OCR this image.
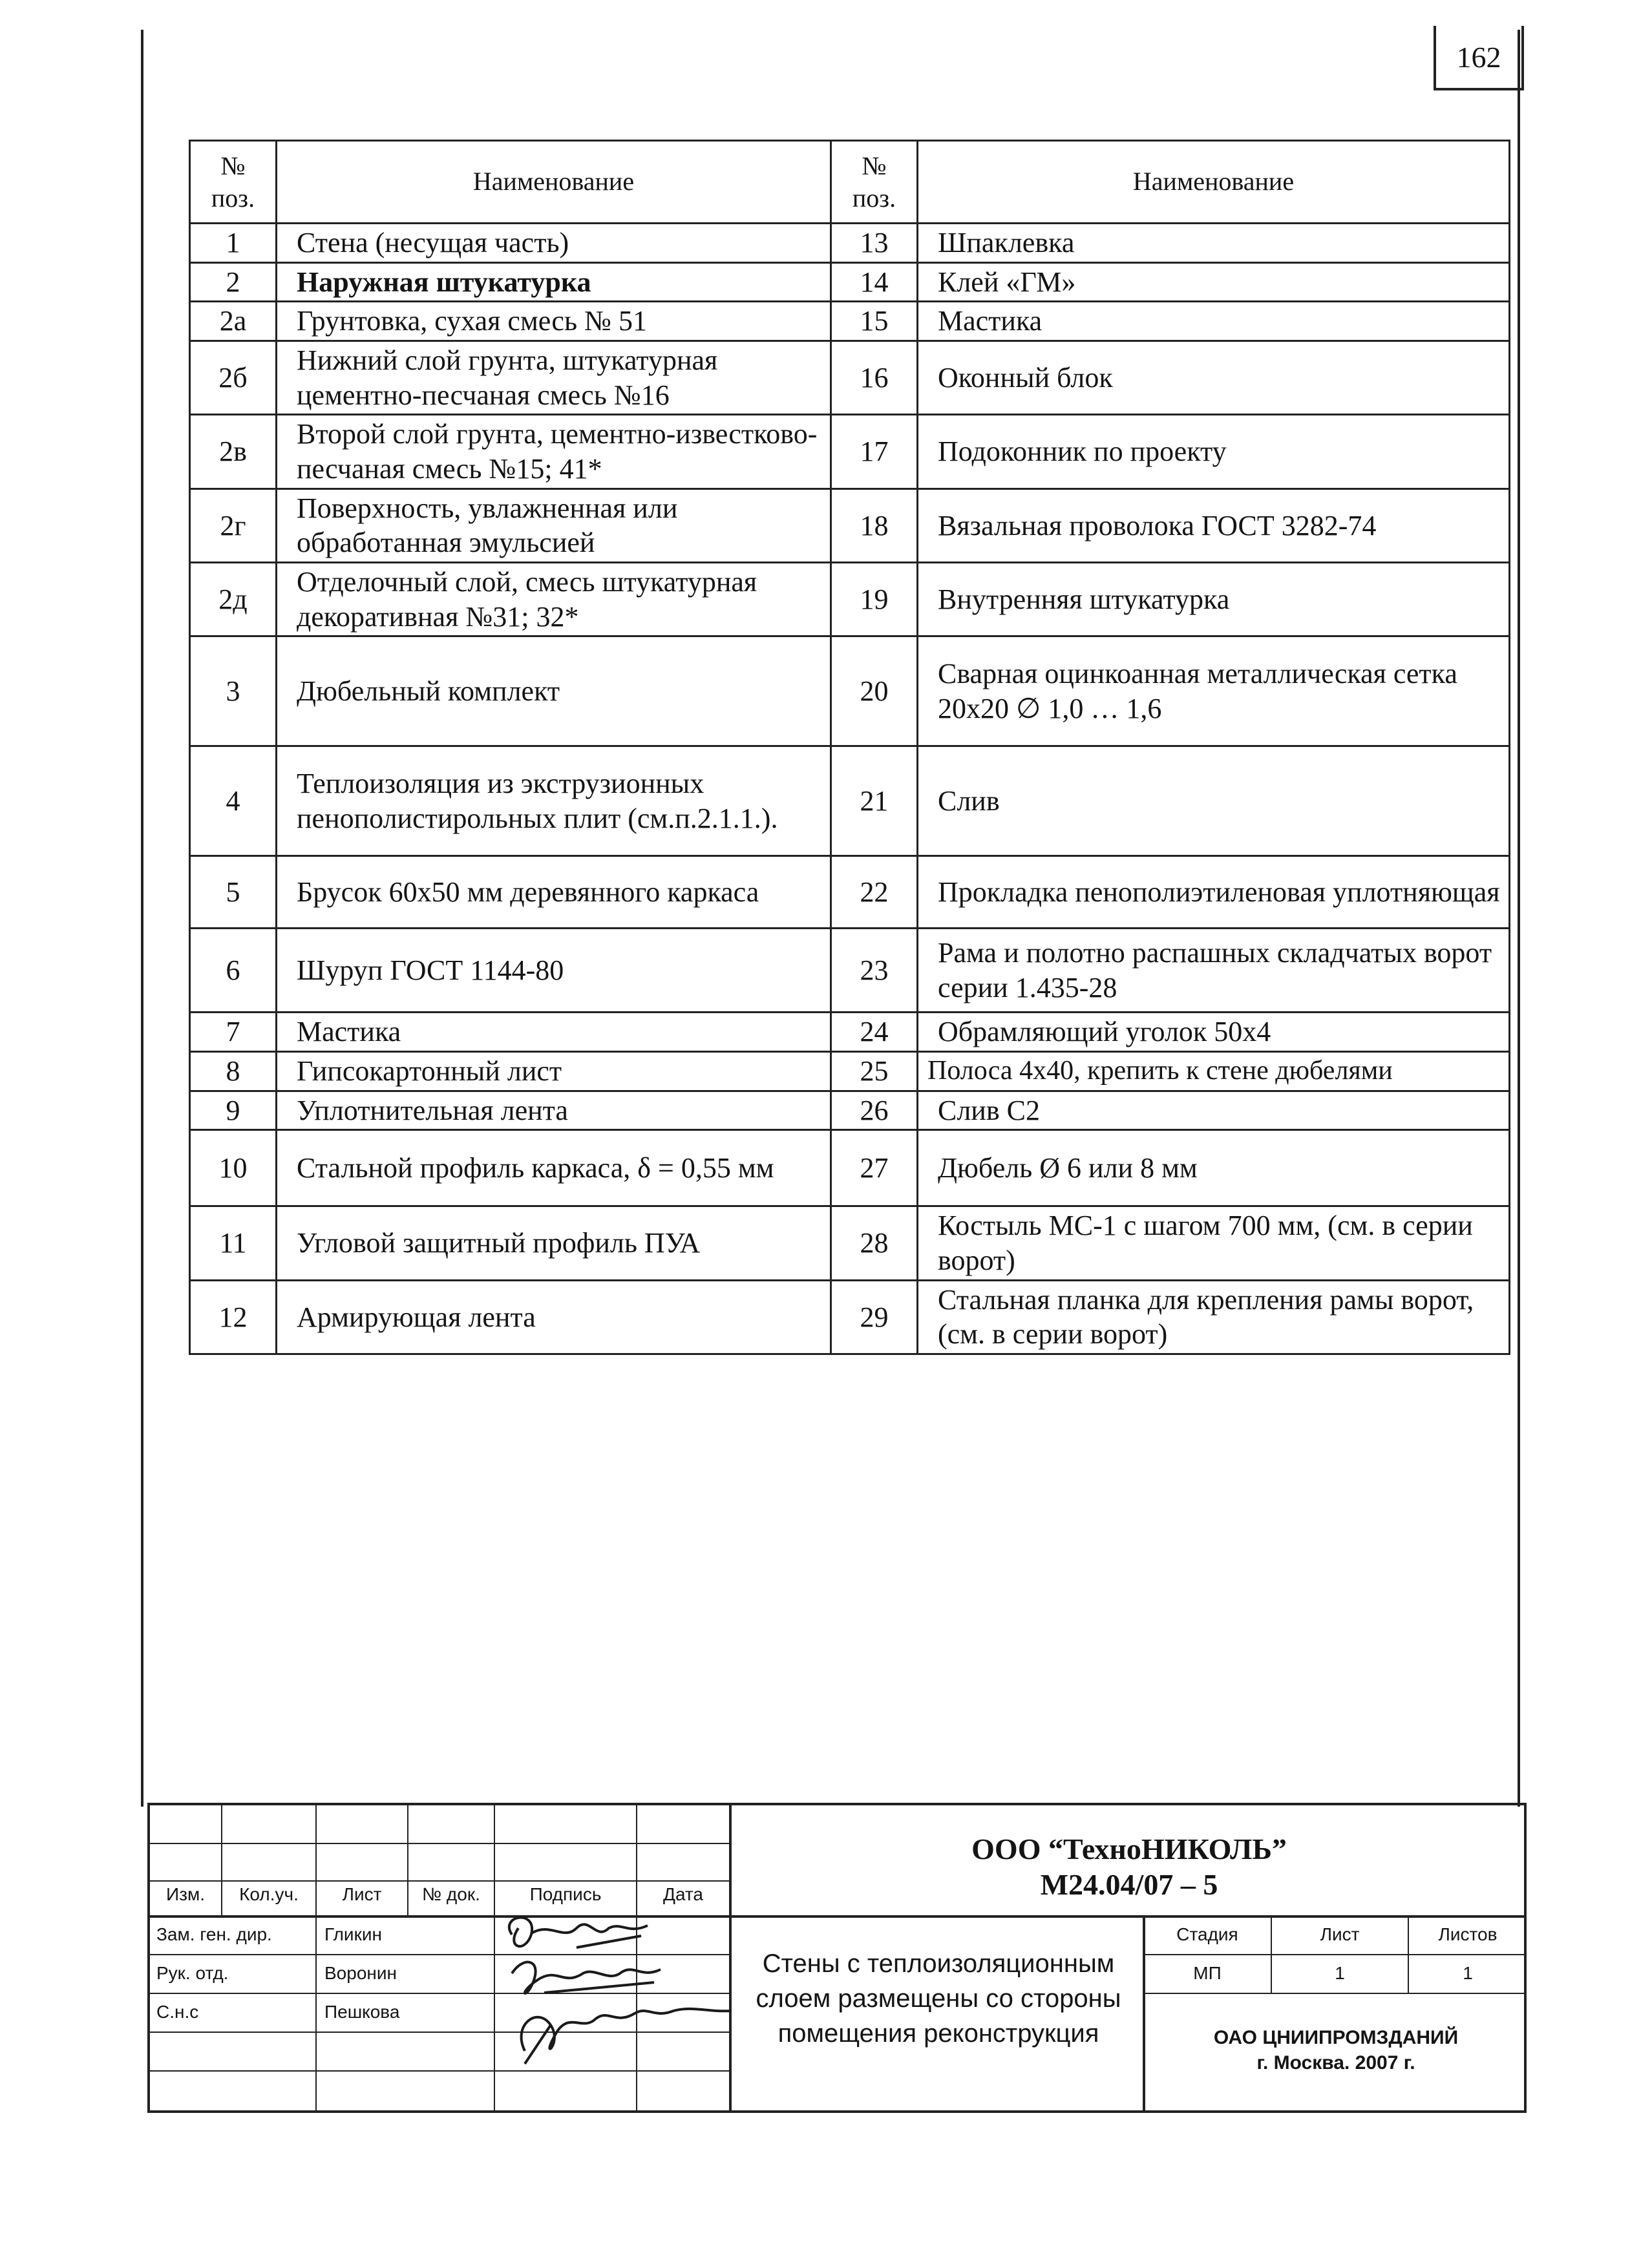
162
№ поз.	Наименование	№ поз.	Наименование
1	Стена (несущая часть)	13	Шпаклевка
2	Наружная штукатурка	14	Клей «ГМ»
2а	Грунтовка, сухая смесь № 51	15	Мастика
2б	Нижний слой грунта, штукатурная цементно-песчаная смесь №16	16	Оконный блок
2в	Второй слой грунта, цементно-известково-песчаная смесь №15; 41*	17	Подоконник по проекту
2г	Поверхность, увлажненная или обработанная эмульсией	18	Вязальная проволока ГОСТ 3282-74
2д	Отделочный слой, смесь штукатурная декоративная №31; 32*	19	Внутренняя штукатурка
3	Дюбельный комплект	20	Сварная оцинкоанная металлическая сетка 20х20 ∅ 1,0 … 1,6
4	Теплоизоляция из экструзионных пенополистирольных плит (см.п.2.1.1.).	21	Слив
5	Брусок 60х50 мм деревянного каркаса	22	Прокладка пенополиэтиленовая уплотняющая
6	Шуруп ГОСТ 1144-80	23	Рама и полотно распашных складчатых ворот серии 1.435-28
7	Мастика	24	Обрамляющий уголок 50х4
8	Гипсокартонный лист	25	Полоса 4х40, крепить к стене дюбелями
9	Уплотнительная лента	26	Слив С2
10	Стальной профиль каркаса, δ = 0,55 мм	27	Дюбель Ø 6 или 8 мм
11	Угловой защитный профиль ПУА	28	Костыль МС-1 с шагом 700 мм, (см. в серии ворот)
12	Армирующая лента	29	Стальная планка для крепления рамы ворот, (см. в серии ворот)
Изм.	Кол.уч.	Лист	№ док.	Подпись	Дата
Зам. ген. дир.	Гликин
Рук. отд.	Воронин
С.н.с	Пешкова
ООО “ТехноНИКОЛЬ”
М24.04/07 – 5
Стены с теплоизоляционным слоем размещены со стороны помещения реконструкция
Стадия	Лист	Листов
МП	1	1
ОАО ЦНИИПРОМЗДАНИЙ
г. Москва. 2007 г.
